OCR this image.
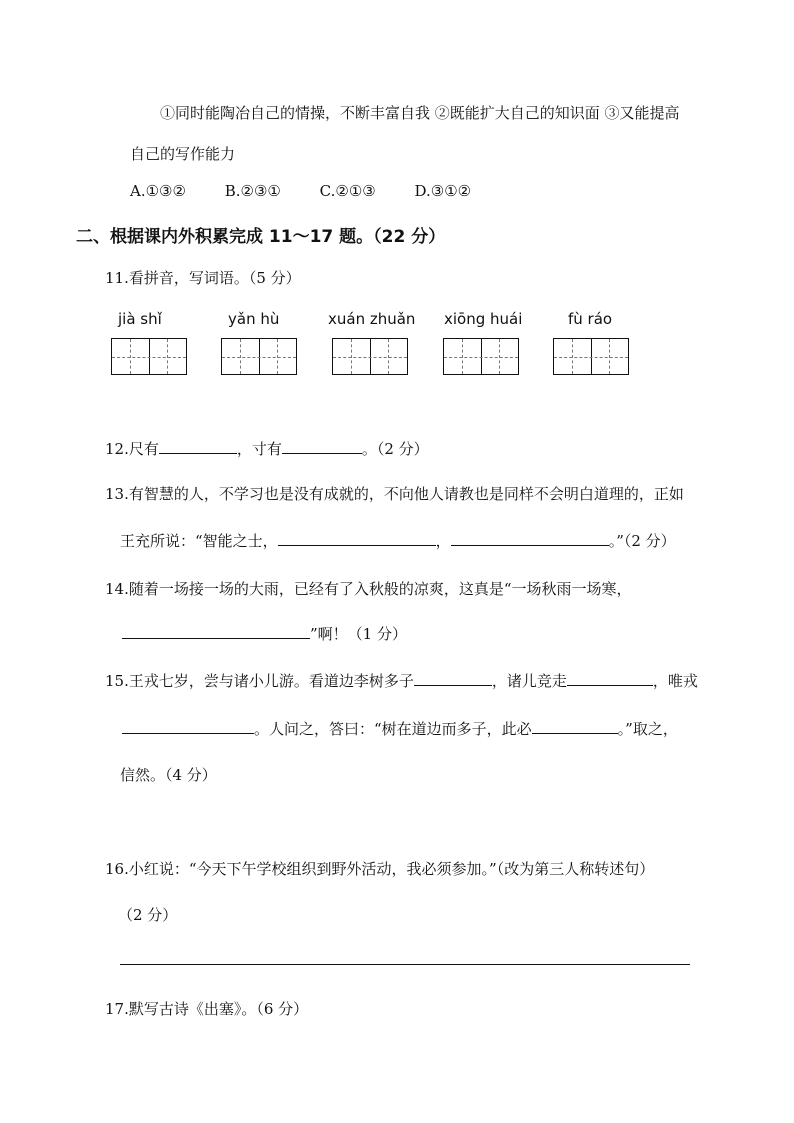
①同时能陶冶自己的情操，不断丰富自我 ②既能扩大自己的知识面 ③又能提高
自己的写作能力
A.①③②	B.②③①	C.②①③	D.③①②
二、根据课内外积累完成 11～17 题。（22 分）
11.看拼音，写词语。（5 分）
jià shǐ	yǎn hù	xuán zhuǎn xiōng huái	fù ráo
12.尺有	，寸有	。（2 分）
13.有智慧的人，不学习也是没有成就的，不向他人请教也是同样不会明白道理的，正如
王充所说：“智能之士，	，	。”（2 分）
14.随着一场接一场的大雨，已经有了入秋般的凉爽，这真是“一场秋雨一场寒，
”啊！（1 分）
15.王戎七岁，尝与诸小儿游。看道边李树多子	，诸儿竞走	，唯戎
。人问之，答曰：“树在道边而多子，此必	。”取之，
信然。（4 分）
16.小红说：“今天下午学校组织到野外活动，我必须参加。”（改为第三人称转述句）
（2 分）
17.默写古诗《出塞》。（6 分）
